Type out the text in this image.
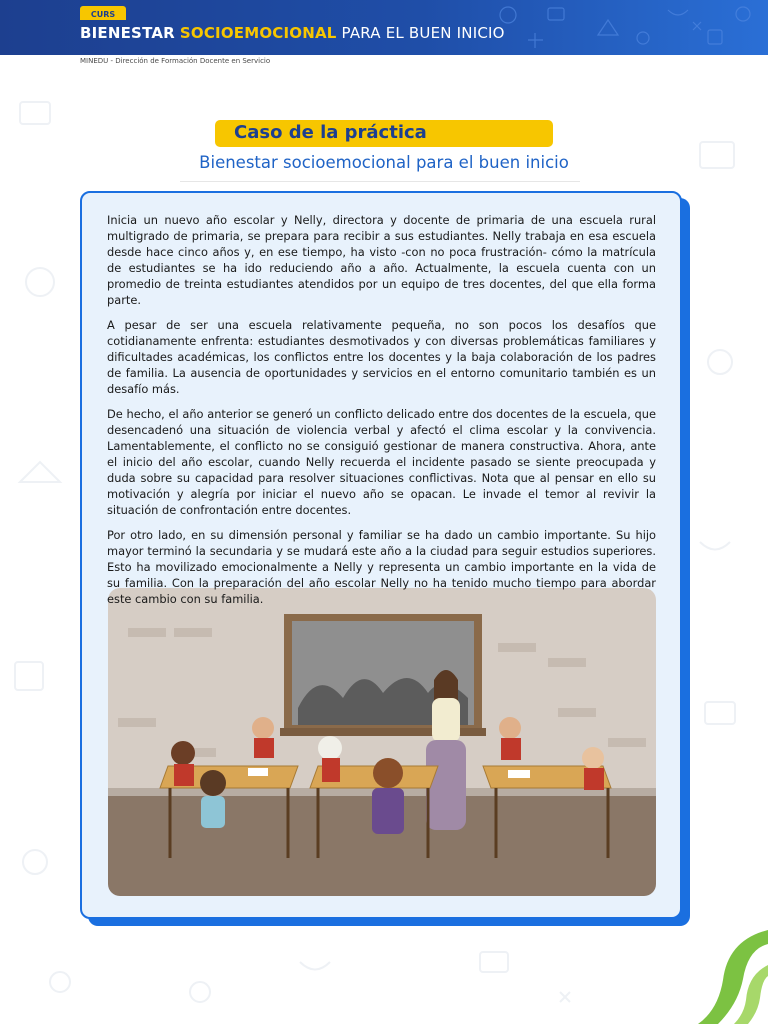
CURS
BIENESTAR SOCIOEMOCIONAL PARA EL BUEN INICIO
MINEDU - Dirección de Formación Docente en Servicio
Caso de la práctica
Bienestar socioemocional para el buen inicio

Inicia un nuevo año escolar y Nelly, directora y docente de primaria de una escuela rural multigrado de primaria, se prepara para recibir a sus estudiantes. Nelly trabaja en esa escuela desde hace cinco años y, en ese tiempo, ha visto -con no poca frustración- cómo la matrícula de estudiantes se ha ido reduciendo año a año. Actualmente, la escuela cuenta con un promedio de treinta estudiantes atendidos por un equipo de tres docentes, del que ella forma parte.

A pesar de ser una escuela relativamente pequeña, no son pocos los desafíos que cotidianamente enfrenta: estudiantes desmotivados y con diversas problemáticas familiares y dificultades académicas, los conflictos entre los docentes y la baja colaboración de los padres de familia. La ausencia de oportunidades y servicios en el entorno comunitario también es un desafío más.

De hecho, el año anterior se generó un conflicto delicado entre dos docentes de la escuela, que desencadenó una situación de violencia verbal y afectó el clima escolar y la convivencia. Lamentablemente, el conflicto no se consiguió gestionar de manera constructiva. Ahora, ante el inicio del año escolar, cuando Nelly recuerda el incidente pasado se siente preocupada y duda sobre su capacidad para resolver situaciones conflictivas. Nota que al pensar en ello su motivación y alegría por iniciar el nuevo año se opacan. Le invade el temor al revivir la situación de confrontación entre docentes.

Por otro lado, en su dimensión personal y familiar se ha dado un cambio importante. Su hijo mayor terminó la secundaria y se mudará este año a la ciudad para seguir estudios superiores. Esto ha movilizado emocionalmente a Nelly y representa un cambio importante en la vida de su familia. Con la preparación del año escolar Nelly no ha tenido mucho tiempo para abordar este cambio con su familia.
